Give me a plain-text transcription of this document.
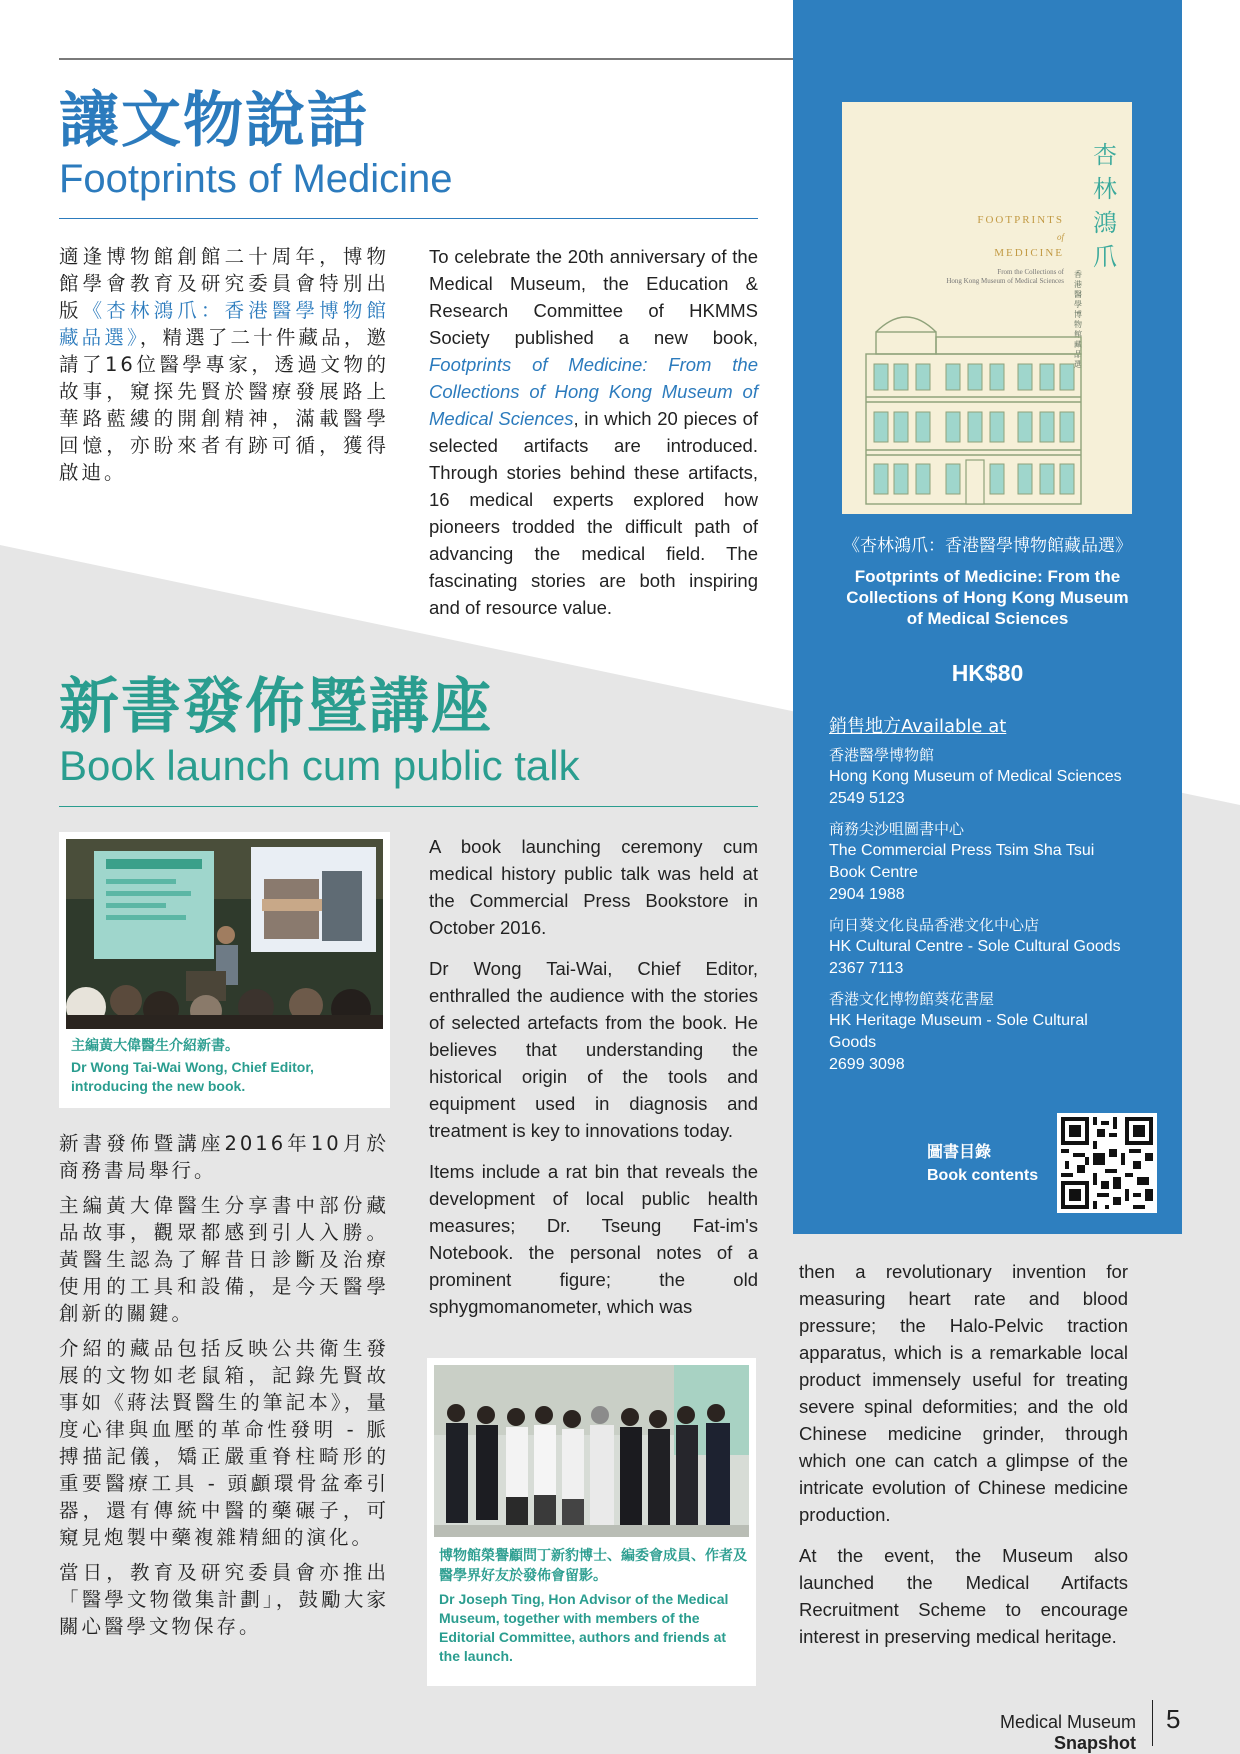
讓文物說話
Footprints of Medicine
適逢博物館創館二十周年，博物館學會教育及研究委員會特別出版《杏林鴻爪：香港醫學博物館藏品選》，精選了二十件藏品，邀請了16位醫學專家，透過文物的故事，窺探先賢於醫療發展路上華路藍縷的開創精神，滿載醫學回憶，亦盼來者有跡可循，獲得啟迪。
To celebrate the 20th anniversary of the Medical Museum, the Education & Research Committee of HKMMS Society published a new book, Footprints of Medicine: From the Collections of Hong Kong Museum of Medical Sciences, in which 20 pieces of selected artifacts are introduced. Through stories behind these artifacts, 16 medical experts explored how pioneers trodded the difficult path of advancing the medical field. The fascinating stories are both inspiring and of resource value.
新書發佈暨講座
Book launch cum public talk
主編黃大偉醫生介紹新書。
Dr Wong Tai-Wai Wong, Chief Editor, introducing the new book.

新書發佈暨講座2016年10月於商務書局舉行。

主編黃大偉醫生分享書中部份藏品故事，觀眾都感到引人入勝。黃醫生認為了解昔日診斷及治療使用的工具和設備，是今天醫學創新的關鍵。

介紹的藏品包括反映公共衛生發展的文物如老鼠箱，記錄先賢故事如《蔣法賢醫生的筆記本》，量度心律與血壓的革命性發明 - 脈搏描記儀，矯正嚴重脊柱畸形的重要醫療工具 - 頭顱環骨盆牽引器，還有傳統中醫的藥碾子，可窺見炮製中藥複雜精細的演化。

當日，教育及研究委員會亦推出「醫學文物徵集計劃」，鼓勵大家關心醫學文物保存。

A book launching ceremony cum medical history public talk was held at the Commercial Press Bookstore in October 2016.

Dr Wong Tai-Wai, Chief Editor, enthralled the audience with the stories of selected artefacts from the book. He believes that understanding the historical origin of the tools and equipment used in diagnosis and treatment is key to innovations today.

Items include a rat bin that reveals the development of local public health measures; Dr. Tseung Fat-im's Notebook. the personal notes of a prominent figure; the old sphygmomanometer, which was

博物館榮譽顧問丁新豹博士、編委會成員、作者及醫學界好友於發佈會留影。
Dr Joseph Ting, Hon Advisor of the Medical Museum, together with members of the Editorial Committee, authors and friends at the launch.

then a revolutionary invention for measuring heart rate and blood pressure; the Halo-Pelvic traction apparatus, which is a remarkable local product immensely useful for treating severe spinal deformities; and the old Chinese medicine grinder, through which one can catch a glimpse of the intricate evolution of Chinese medicine production.

At the event, the Museum also launched the Medical Artifacts Recruitment Scheme to encourage interest in preserving medical heritage.

杏林鴻爪
香港醫學博物館藏品選
FOOTPRINTS
of
MEDICINE
From the Collections of
Hong Kong Museum of Medical Sciences
《杏林鴻爪：香港醫學博物館藏品選》
Footprints of Medicine: From the Collections of Hong Kong Museum of Medical Sciences
HK$80
銷售地方Available at
香港醫學博物館
Hong Kong Museum of Medical Sciences
2549 5123
商務尖沙咀圖書中心
The Commercial Press Tsim Sha Tsui Book Centre
2904 1988
向日葵文化良品香港文化中心店
HK Cultural Centre - Sole Cultural Goods
2367 7113
香港文化博物館葵花書屋
HK Heritage Museum - Sole Cultural Goods
2699 3098
圖書目錄
Book contents
Medical Museum Snapshot
5
